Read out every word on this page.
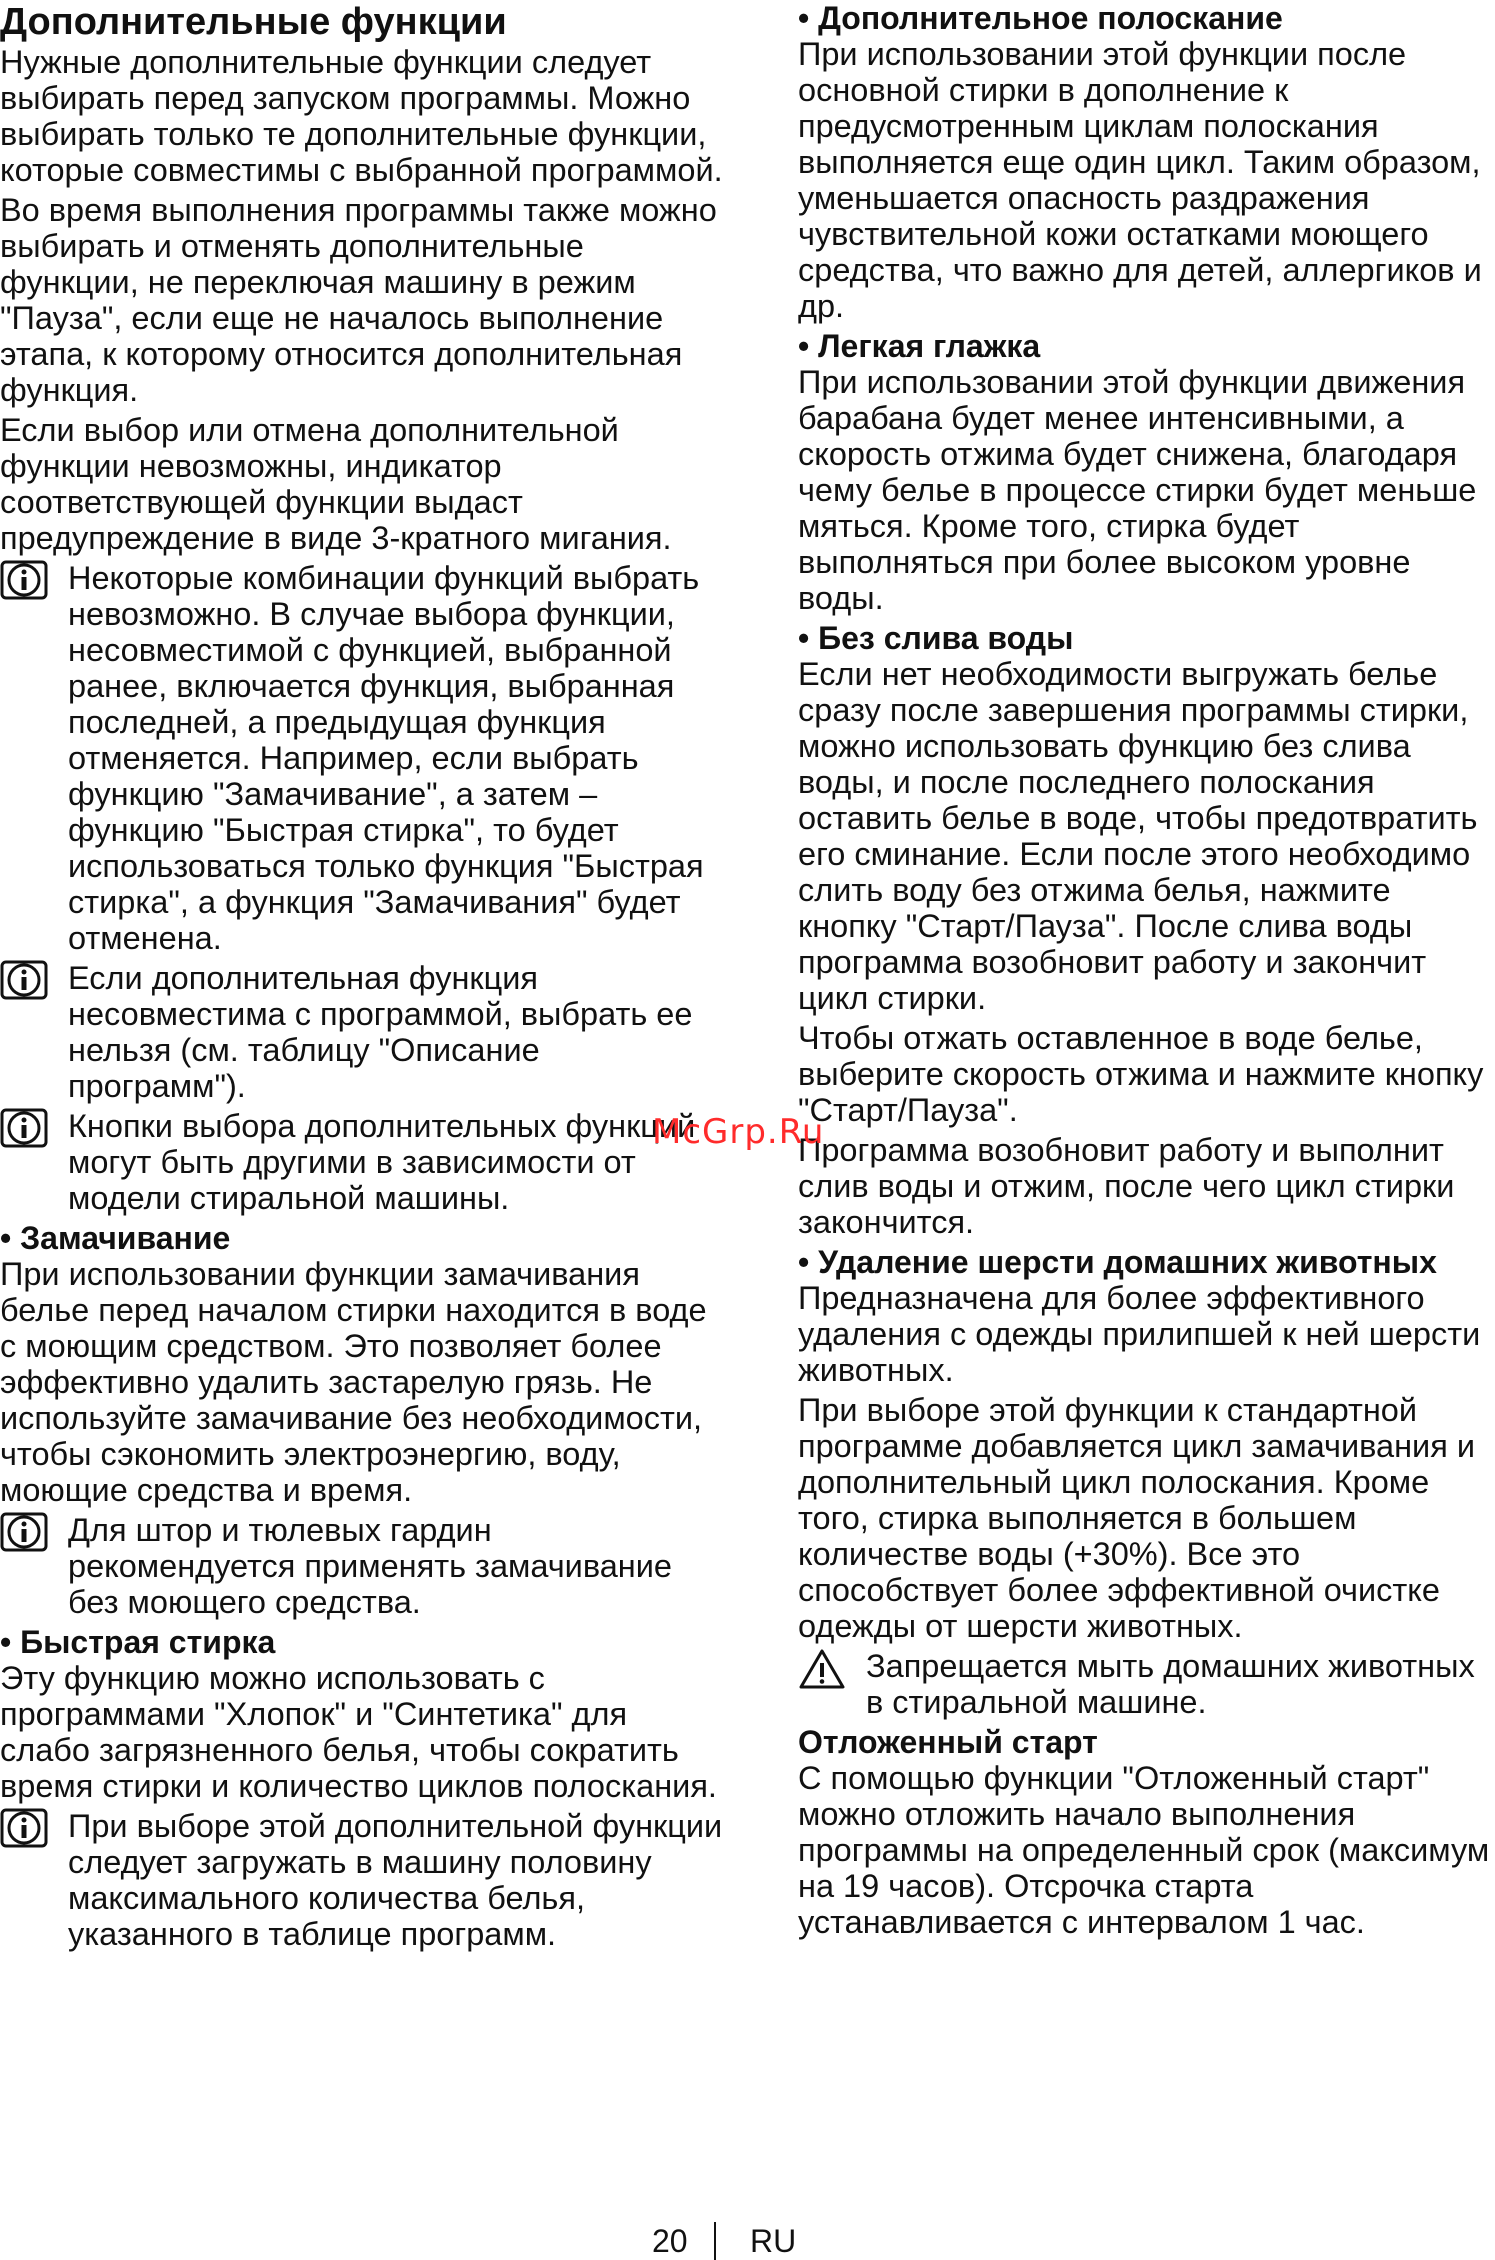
Дополнительные функции

Нужные дополнительные функции следует выбирать перед запуском программы. Можно выбирать только те дополнительные функции, которые совместимы с выбранной программой.

Во время выполнения программы также можно выбирать и отменять дополнительные функции, не переключая машину в режим "Пауза", если еще не началось выполнение этапа, к которому относится дополнительная функция.

Если выбор или отмена дополнительной функции невозможны, индикатор соответствующей функции выдаст предупреждение в виде 3-кратного мигания.

Некоторые комбинации функций выбрать невозможно. В случае выбора функции, несовместимой с функцией, выбранной ранее, включается функция, выбранная последней, а предыдущая функция отменяется. Например, если выбрать функцию "Замачивание", а затем – функцию "Быстрая стирка", то будет использоваться только функция "Быстрая стирка", а функция "Замачивания" будет отменена.
Если дополнительная функция несовместима с программой, выбрать ее нельзя (см. таблицу "Описание программ").
Кнопки выбора дополнительных функций могут быть другими в зависимости от модели стиральной машины.
• Замачивание

При использовании функции замачивания белье перед началом стирки находится в воде с моющим средством. Это позволяет более эффективно удалить застарелую грязь. Не используйте замачивание без необходимости, чтобы сэкономить электроэнергию, воду, моющие средства и время.

Для штор и тюлевых гардин рекомендуется применять замачивание без моющего средства.
• Быстрая стирка

Эту функцию можно использовать с программами "Хлопок" и "Синтетика" для слабо загрязненного белья, чтобы сократить время стирки и количество циклов полоскания.

При выборе этой дополнительной функции следует загружать в машину половину максимального количества белья, указанного в таблице программ.
• Дополнительное полоскание

При использовании этой функции после основной стирки в дополнение к предусмотренным циклам полоскания выполняется еще один цикл. Таким образом, уменьшается опасность раздражения чувствительной кожи остатками моющего средства, что важно для детей, аллергиков и др.

• Легкая глажка

При использовании этой функции движения барабана будет менее интенсивными, а скорость отжима будет снижена, благодаря чему белье в процессе стирки будет меньше мяться. Кроме того, стирка будет выполняться при более высоком уровне воды.

• Без слива воды

Если нет необходимости выгружать белье сразу после завершения программы стирки, можно использовать функцию без слива воды, и после последнего полоскания оставить белье в воде, чтобы предотвратить его сминание. Если после этого необходимо слить воду без отжима белья, нажмите кнопку "Старт/Пауза". После слива воды программа возобновит работу и закончит цикл стирки.

Чтобы отжать оставленное в воде белье, выберите скорость отжима и нажмите кнопку "Старт/Пауза".

Программа возобновит работу и выполнит слив воды и отжим, после чего цикл стирки закончится.

• Удаление шерсти домашних животных

Предназначена для более эффективного удаления с одежды прилипшей к ней шерсти животных.

При выборе этой функции к стандартной программе добавляется цикл замачивания и дополнительный цикл полоскания. Кроме того, стирка выполняется в большем количестве воды (+30%). Все это способствует более эффективной очистке одежды от шерсти животных.

Запрещается мыть домашних животных в стиральной машине.
Отложенный старт

С помощью функции "Отложенный старт" можно отложить начало выполнения программы на определенный срок (максимум на 19 часов). Отсрочка старта устанавливается с интервалом 1 час.

McGrp.Ru
20 RU
